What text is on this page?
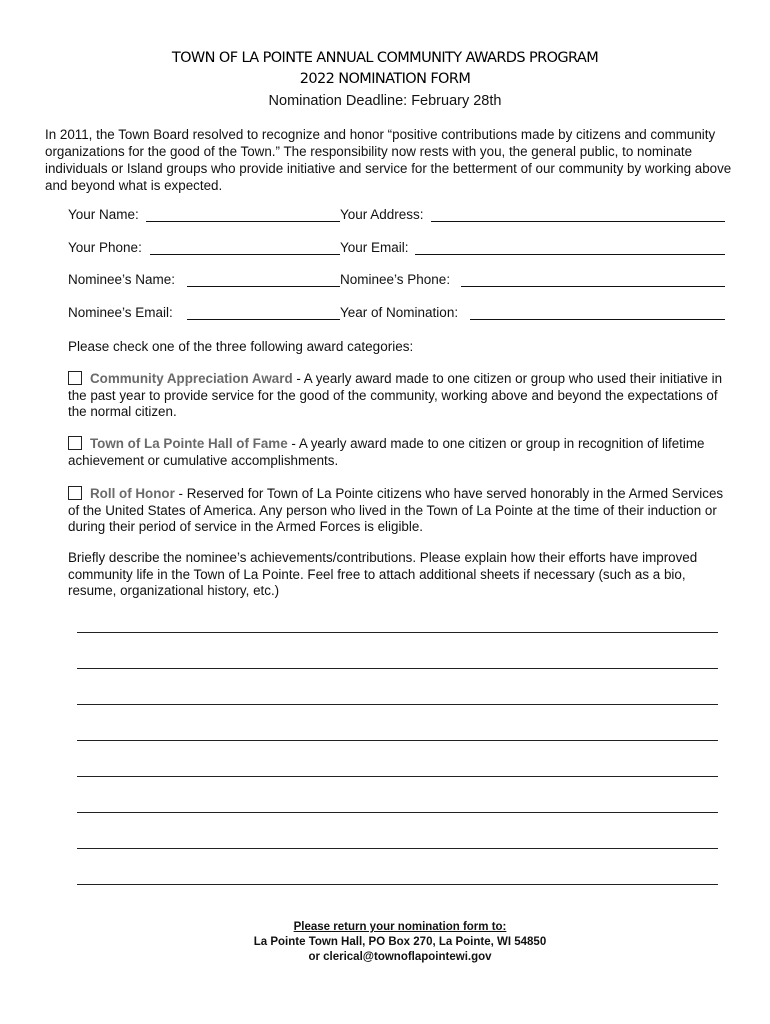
TOWN OF LA POINTE ANNUAL COMMUNITY AWARDS PROGRAM
2022 NOMINATION FORM
Nomination Deadline: February 28th
In 2011, the Town Board resolved to recognize and honor “positive contributions made by citizens and community organizations for the good of the Town.” The responsibility now rests with you, the general public, to nominate individuals or Island groups who provide initiative and service for the betterment of our community by working above and beyond what is expected.
Your Name:	Your Address:
Your Phone:	Your Email:
Nominee’s Name:	Nominee’s Phone:
Nominee’s Email:	Year of Nomination:
Please check one of the three following award categories:
Community Appreciation Award - A yearly award made to one citizen or group who used their initiative in the past year to provide service for the good of the community, working above and beyond the expectations of the normal citizen.
Town of La Pointe Hall of Fame - A yearly award made to one citizen or group in recognition of lifetime achievement or cumulative accomplishments.
Roll of Honor - Reserved for Town of La Pointe citizens who have served honorably in the Armed Services of the United States of America. Any person who lived in the Town of La Pointe at the time of their induction or during their period of service in the Armed Forces is eligible.
Briefly describe the nominee’s achievements/contributions. Please explain how their efforts have improved community life in the Town of La Pointe. Feel free to attach additional sheets if necessary (such as a bio, resume, organizational history, etc.)
Please return your nomination form to:
La Pointe Town Hall, PO Box 270, La Pointe, WI 54850
or clerical@townoflapointewi.gov
